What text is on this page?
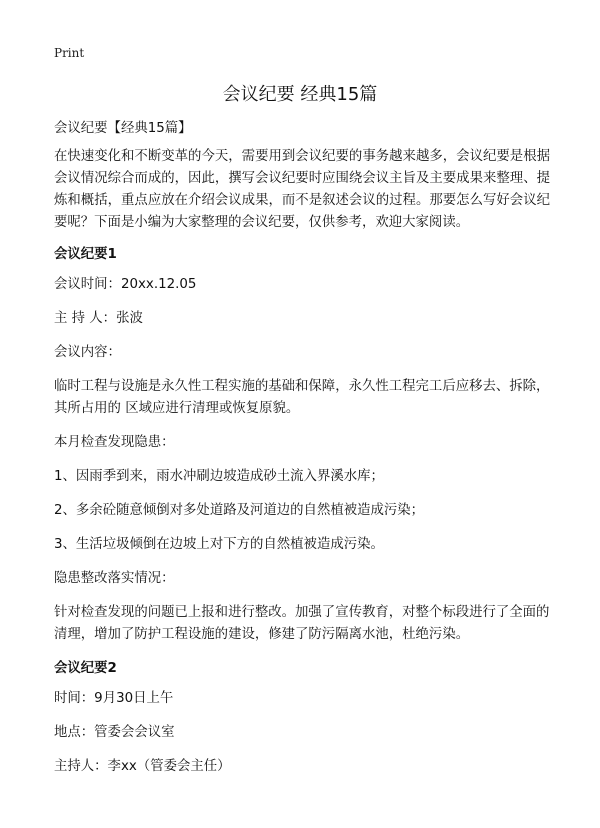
Print
会议纪要 经典15篇

会议纪要【经典15篇】

在快速变化和不断变革的今天，需要用到会议纪要的事务越来越多，会议纪要是根据会议情况综合而成的，因此，撰写会议纪要时应围绕会议主旨及主要成果来整理、提炼和概括，重点应放在介绍会议成果，而不是叙述会议的过程。那要怎么写好会议纪要呢？下面是小编为大家整理的会议纪要，仅供参考，欢迎大家阅读。

会议纪要1

会议时间：20xx.12.05

主 持 人：张波

会议内容：

临时工程与设施是永久性工程实施的基础和保障，永久性工程完工后应移去、拆除，其所占用的 区域应进行清理或恢复原貌。

本月检查发现隐患：

1、因雨季到来，雨水冲刷边坡造成砂土流入界溪水库；

2、多余砼随意倾倒对多处道路及河道边的自然植被造成污染；

3、生活垃圾倾倒在边坡上对下方的自然植被造成污染。

隐患整改落实情况：

针对检查发现的问题已上报和进行整改。加强了宣传教育，对整个标段进行了全面的清理，增加了防护工程设施的建设，修建了防污隔离水池，杜绝污染。

会议纪要2

时间：9月30日上午

地点：管委会会议室

主持人：李xx（管委会主任）
